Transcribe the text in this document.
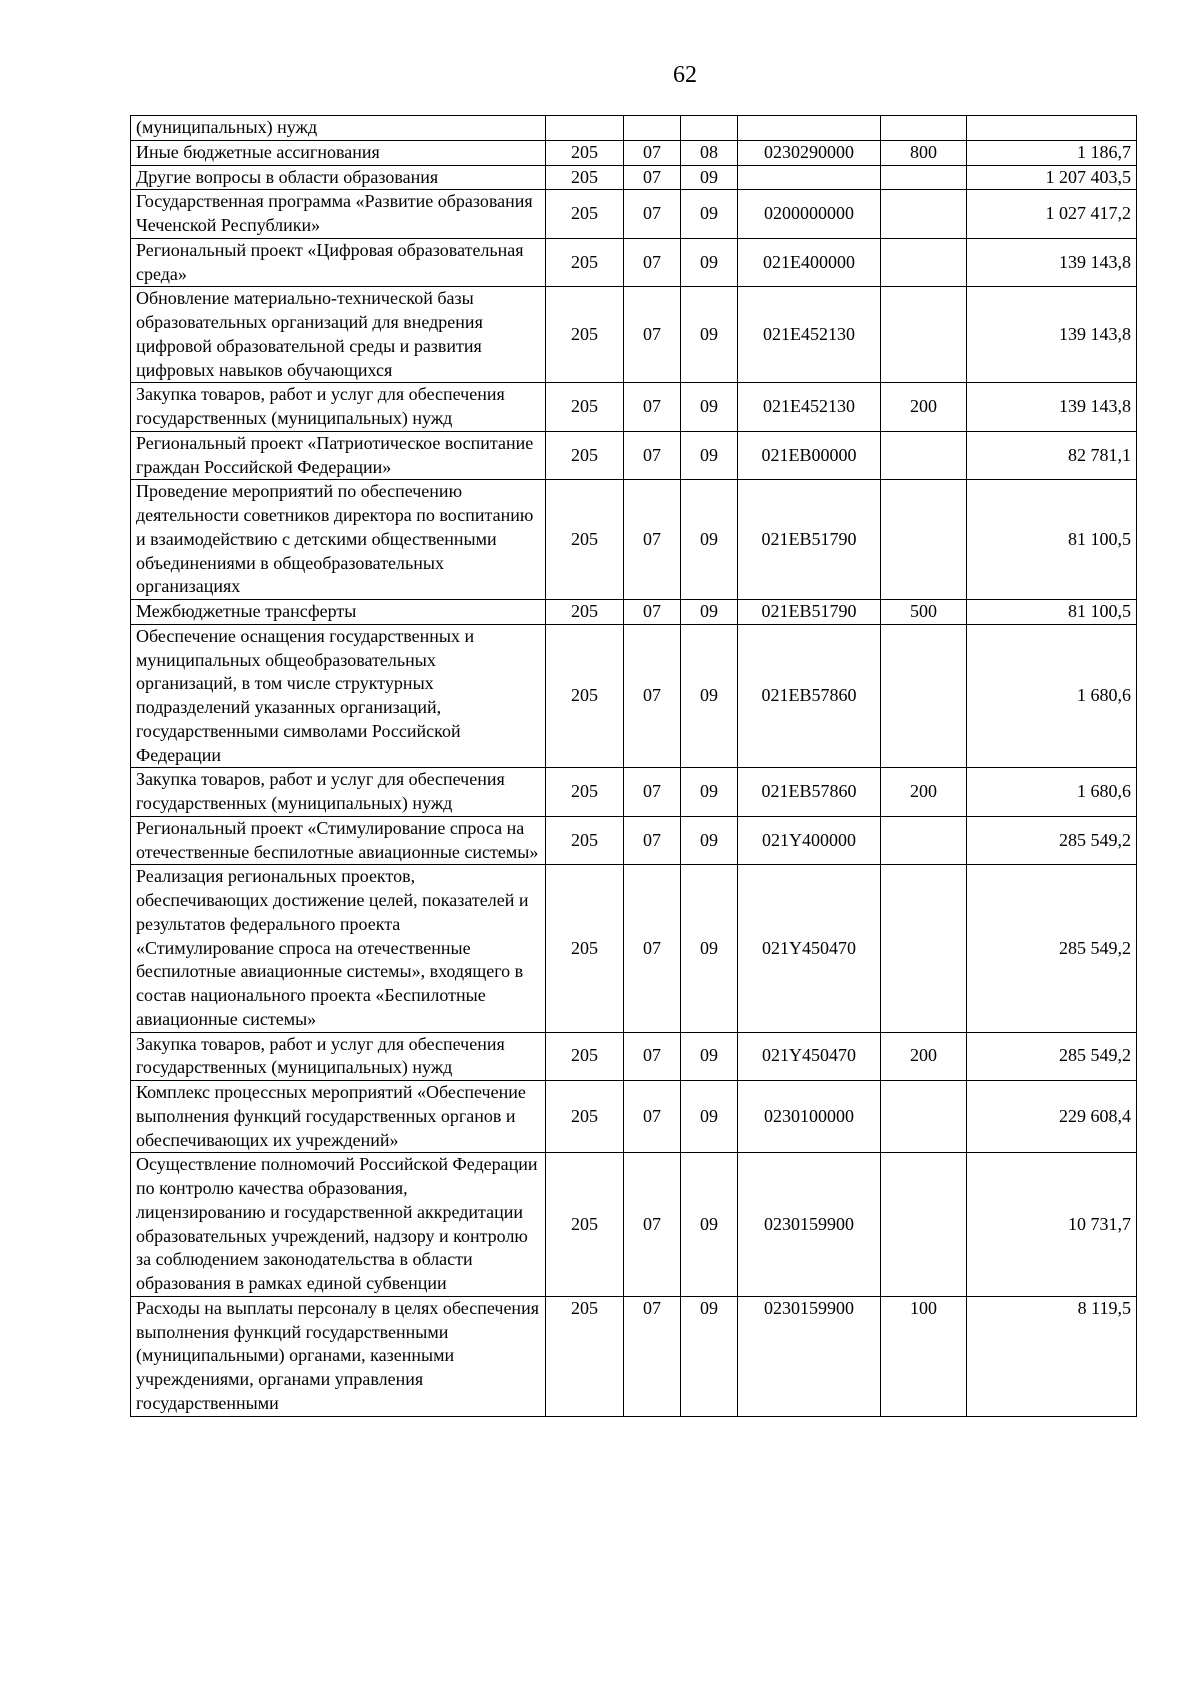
62
(муниципальных) нужд						
Иные бюджетные ассигнования	205	07	08	0230290000	800	1 186,7
Другие вопросы в области образования	205	07	09			1 207 403,5
Государственная программа «Развитие образования Чеченской Республики»	205	07	09	0200000000		1 027 417,2
Региональный проект «Цифровая образовательная среда»	205	07	09	021E400000		139 143,8
Обновление материально-технической базы образовательных организаций для внедрения цифровой образовательной среды и развития цифровых навыков обучающихся	205	07	09	021E452130		139 143,8
Закупка товаров, работ и услуг для обеспечения государственных (муниципальных) нужд	205	07	09	021E452130	200	139 143,8
Региональный проект «Патриотическое воспитание граждан Российской Федерации»	205	07	09	021EB00000		82 781,1
Проведение мероприятий по обеспечению деятельности советников директора по воспитанию и взаимодействию с детскими общественными объединениями в общеобразовательных организациях	205	07	09	021EB51790		81 100,5
Межбюджетные трансферты	205	07	09	021EB51790	500	81 100,5
Обеспечение оснащения государственных и муниципальных общеобразовательных организаций, в том числе структурных подразделений указанных организаций, государственными символами Российской Федерации	205	07	09	021EB57860		1 680,6
Закупка товаров, работ и услуг для обеспечения государственных (муниципальных) нужд	205	07	09	021EB57860	200	1 680,6
Региональный проект «Стимулирование спроса на отечественные беспилотные авиационные системы»	205	07	09	021Y400000		285 549,2
Реализация региональных проектов, обеспечивающих достижение целей, показателей и результатов федерального проекта «Стимулирование спроса на отечественные беспилотные авиационные системы», входящего в состав национального проекта «Беспилотные авиационные системы»	205	07	09	021Y450470		285 549,2
Закупка товаров, работ и услуг для обеспечения государственных (муниципальных) нужд	205	07	09	021Y450470	200	285 549,2
Комплекс процессных мероприятий «Обеспечение выполнения функций государственных органов и обеспечивающих их учреждений»	205	07	09	0230100000		229 608,4
Осуществление полномочий Российской Федерации по контролю качества образования, лицензированию и государственной аккредитации образовательных учреждений, надзору и контролю за соблюдением законодательства в области образования в рамках единой субвенции	205	07	09	0230159900		10 731,7
Расходы на выплаты персоналу в целях обеспечения выполнения функций государственными (муниципальными) органами, казенными учреждениями, органами управления государственными	205	07	09	0230159900	100	8 119,5
